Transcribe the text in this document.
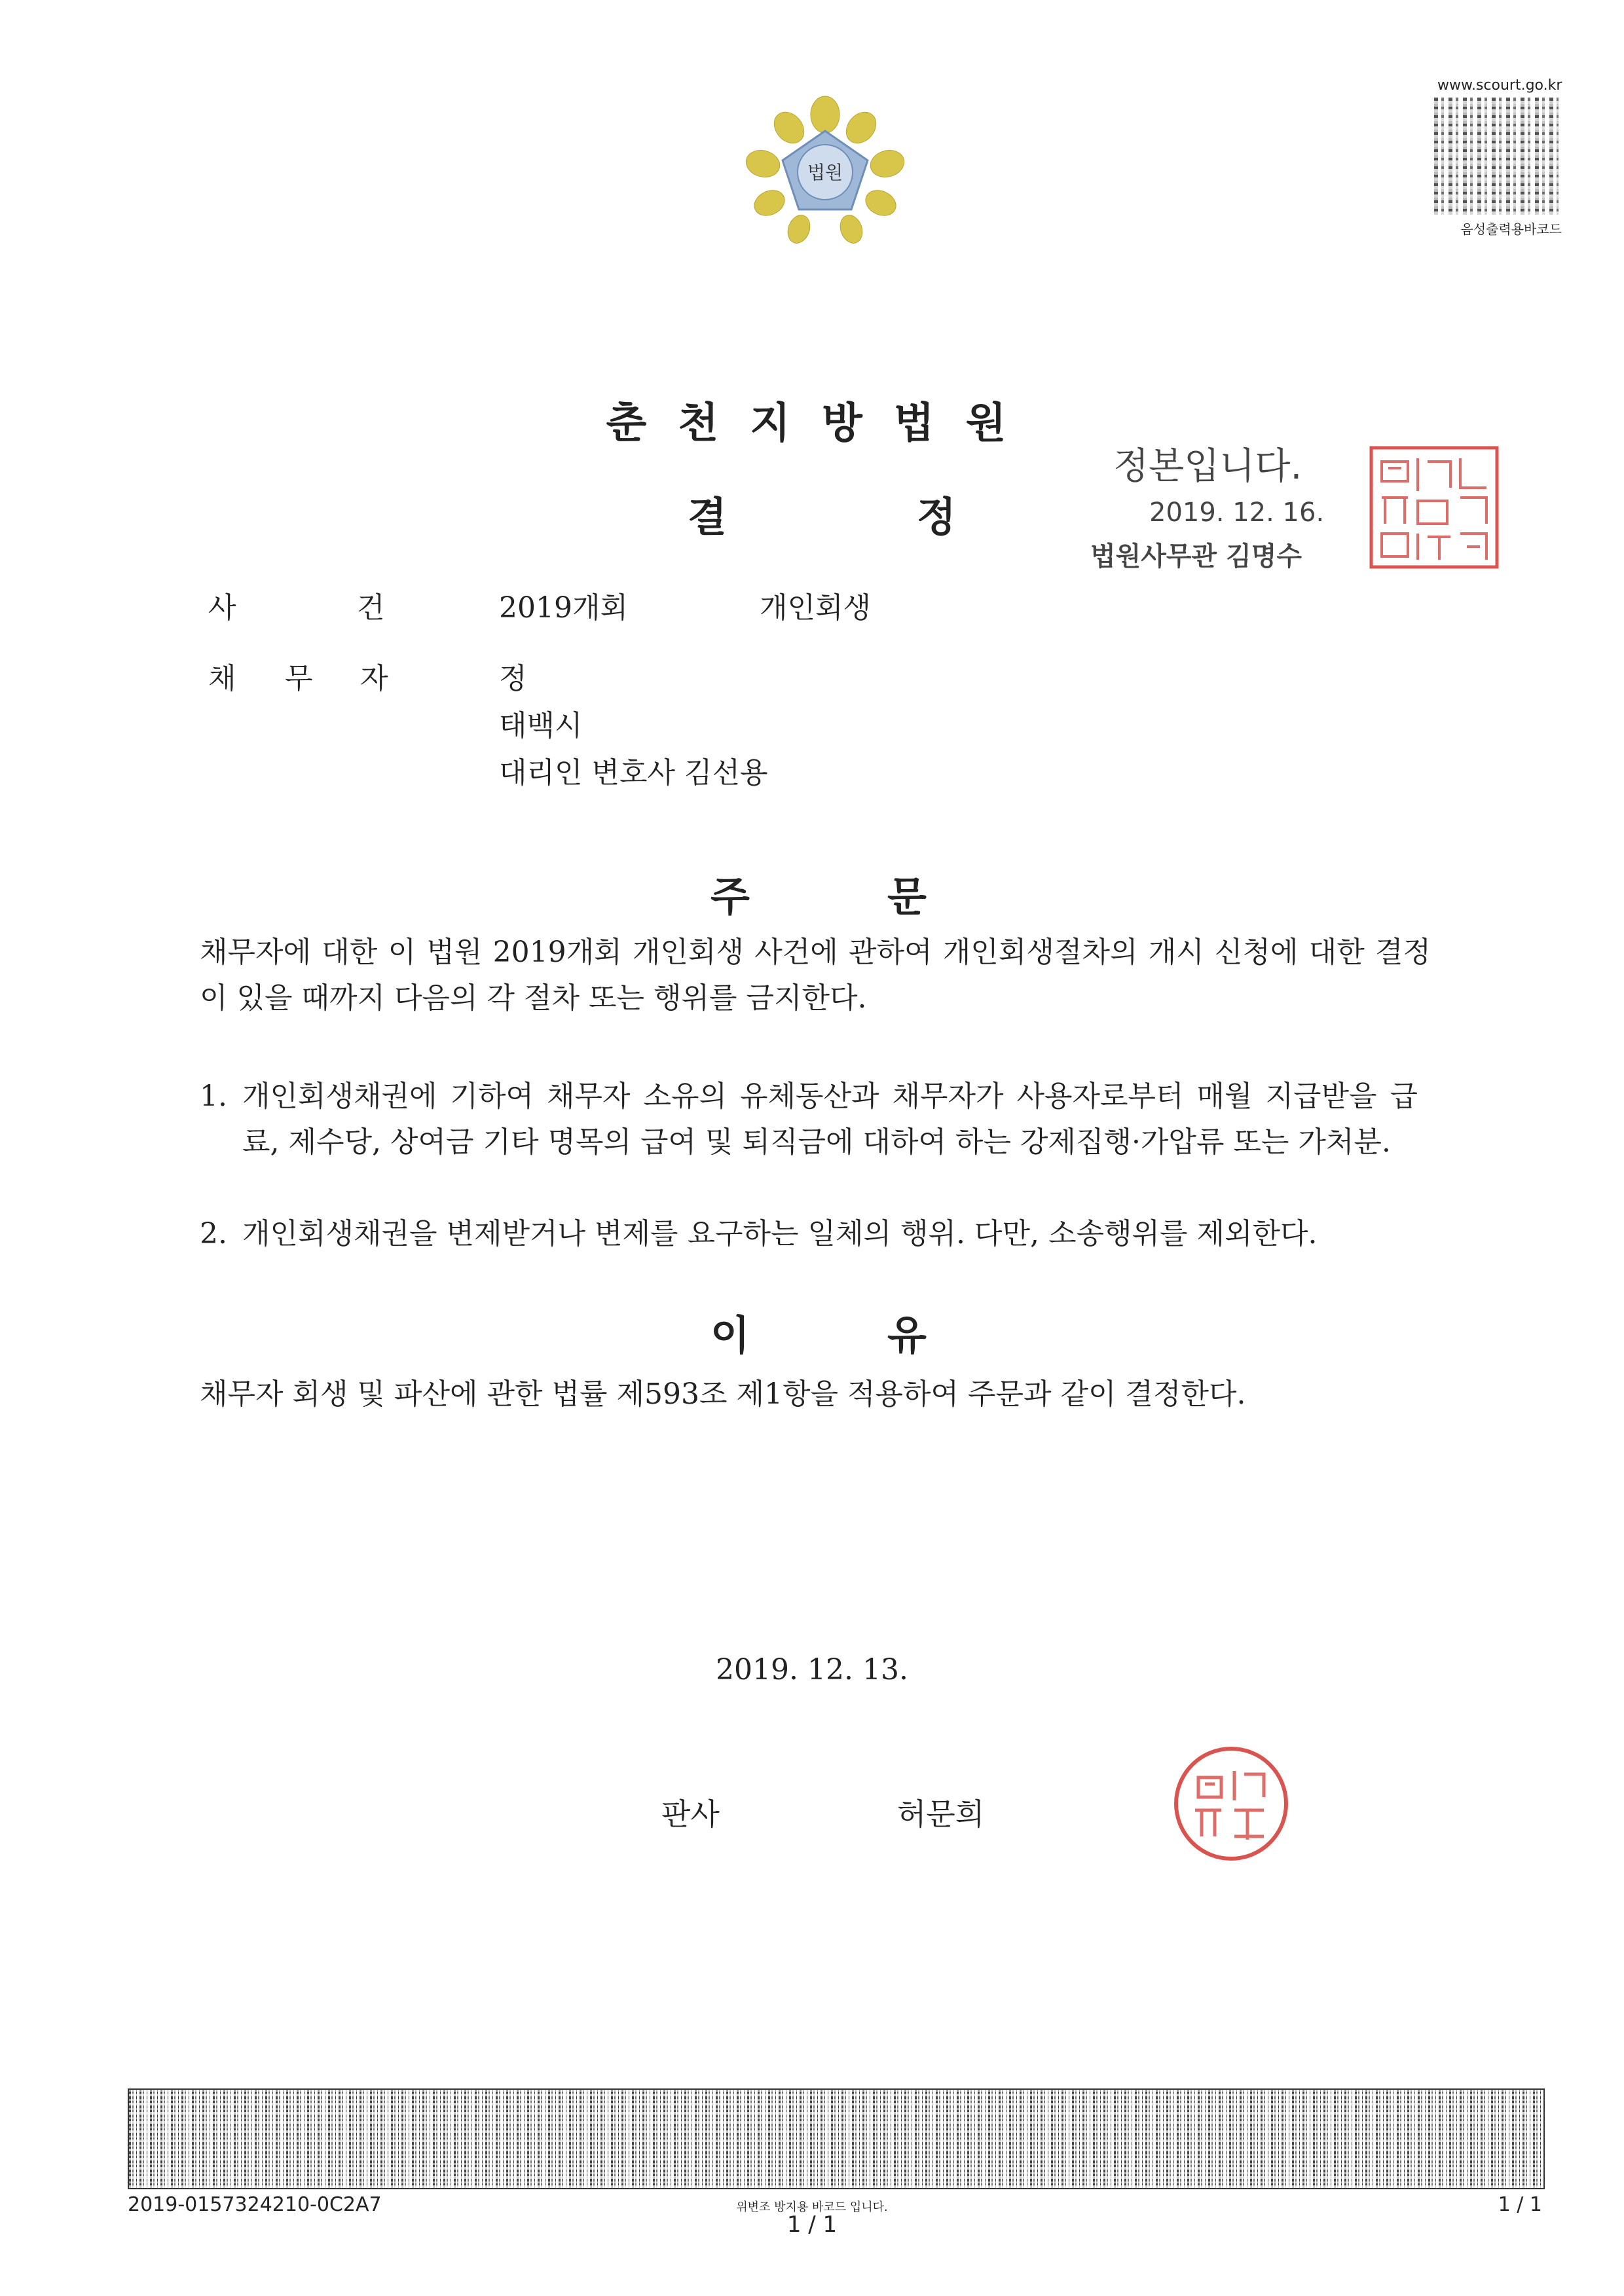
법원
www.scourt.go.kr
음성출력용바코드
춘천지방법원
결	정
정본입니다.
2019. 12. 16.
법원사무관 김명수
사	건	2019개회	개인회생
채 무 자	정
태백시
대리인 변호사 김선용
주	문
채무자에 대한 이 법원 2019개회 개인회생 사건에 관하여 개인회생절차의 개시 신청에 대한 결정이 있을 때까지 다음의 각 절차 또는 행위를 금지한다.
1. 개인회생채권에 기하여 채무자 소유의 유체동산과 채무자가 사용자로부터 매월 지급받을 급료, 제수당, 상여금 기타 명목의 급여 및 퇴직금에 대하여 하는 강제집행·가압류 또는 가처분.
2. 개인회생채권을 변제받거나 변제를 요구하는 일체의 행위. 다만, 소송행위를 제외한다.
이	유
채무자 회생 및 파산에 관한 법률 제593조 제1항을 적용하여 주문과 같이 결정한다.
2019. 12. 13.
판사	허문희
2019-0157324210-0C2A7	위변조 방지용 바코드 입니다.
1 / 1
1 / 1
